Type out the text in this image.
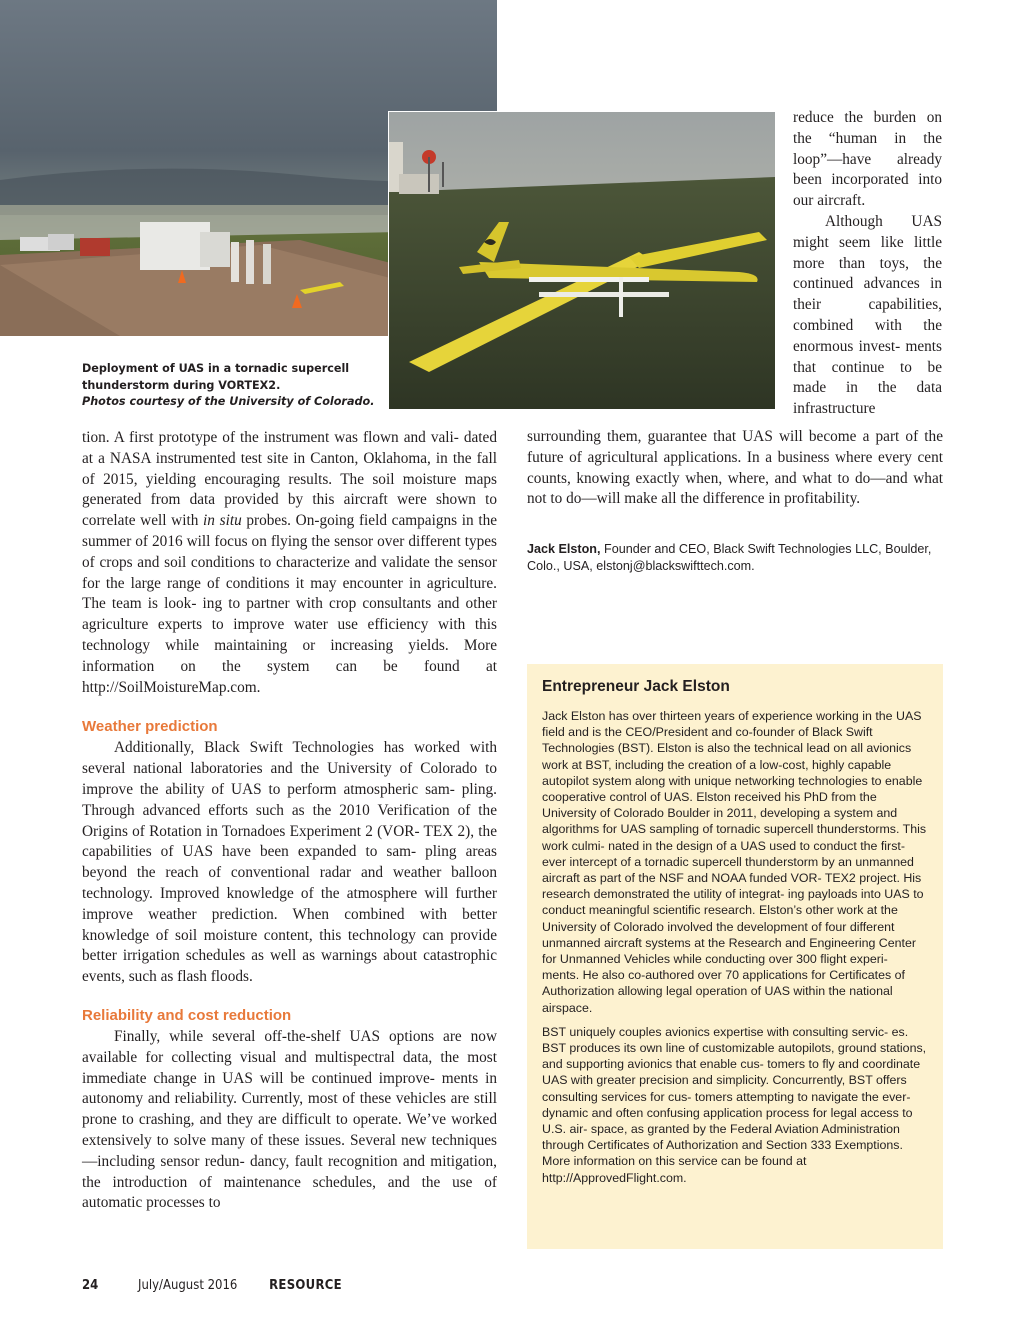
Deployment of UAS in a tornadic supercell
thunderstorm during VORTEX2.
Photos courtesy of the University of Colorado.

reduce the burden on the “human in the loop”—have already been incorporated into our aircraft.

Although UAS might seem like little more than toys, the continued advances in their capabilities, combined with the enormous invest- ments that continue to be made in the data infrastructure

surrounding them, guarantee that UAS will become a part of the future of agricultural applications. In a business where every cent counts, knowing exactly when, where, and what to do—and what not to do—will make all the difference in profitability.

Jack Elston, Founder and CEO, Black Swift Technologies LLC, Boulder, Colo., USA, elstonj@blackswifttech.com.

tion. A first prototype of the instrument was flown and vali- dated at a NASA instrumented test site in Canton, Oklahoma, in the fall of 2015, yielding encouraging results. The soil moisture maps generated from data provided by this aircraft were shown to correlate well with in situ probes. On-going field campaigns in the summer of 2016 will focus on flying the sensor over different types of crops and soil conditions to characterize and validate the sensor for the large range of conditions it may encounter in agriculture. The team is look- ing to partner with crop consultants and other agriculture experts to improve water use efficiency with this technology while maintaining or increasing yields. More information on the system can be found at http://SoilMoistureMap.com.

Weather prediction

Additionally, Black Swift Technologies has worked with several national laboratories and the University of Colorado to improve the ability of UAS to perform atmospheric sam- pling. Through advanced efforts such as the 2010 Verification of the Origins of Rotation in Tornadoes Experiment 2 (VOR- TEX 2), the capabilities of UAS have been expanded to sam- pling areas beyond the reach of conventional radar and weather balloon technology. Improved knowledge of the atmosphere will further improve weather prediction. When combined with better knowledge of soil moisture content, this technology can provide better irrigation schedules as well as warnings about catastrophic events, such as flash floods.

Reliability and cost reduction

Finally, while several off-the-shelf UAS options are now available for collecting visual and multispectral data, the most immediate change in UAS will be continued improve- ments in autonomy and reliability. Currently, most of these vehicles are still prone to crashing, and they are difficult to operate. We’ve worked extensively to solve many of these issues. Several new techniques—including sensor redun- dancy, fault recognition and mitigation, the introduction of maintenance schedules, and the use of automatic processes to

Entrepreneur Jack Elston

Jack Elston has over thirteen years of experience working in the UAS field and is the CEO/President and co-founder of Black Swift Technologies (BST). Elston is also the technical lead on all avionics work at BST, including the creation of a low-cost, highly capable autopilot system along with unique networking technologies to enable cooperative control of UAS. Elston received his PhD from the University of Colorado Boulder in 2011, developing a system and algorithms for UAS sampling of tornadic supercell thunderstorms. This work culmi- nated in the design of a UAS used to conduct the first-ever intercept of a tornadic supercell thunderstorm by an unmanned aircraft as part of the NSF and NOAA funded VOR- TEX2 project. His research demonstrated the utility of integrat- ing payloads into UAS to conduct meaningful scientific research. Elston’s other work at the University of Colorado involved the development of four different unmanned aircraft systems at the Research and Engineering Center for Unmanned Vehicles while conducting over 300 flight experi- ments. He also co-authored over 70 applications for Certificates of Authorization allowing legal operation of UAS within the national airspace.

BST uniquely couples avionics expertise with consulting servic- es. BST produces its own line of customizable autopilots, ground stations, and supporting avionics that enable cus- tomers to fly and coordinate UAS with greater precision and simplicity. Concurrently, BST offers consulting services for cus- tomers attempting to navigate the ever-dynamic and often confusing application process for legal access to U.S. air- space, as granted by the Federal Aviation Administration through Certificates of Authorization and Section 333 Exemptions. More information on this service can be found at http://ApprovedFlight.com.

24	July/August 2016 RESOURCE
